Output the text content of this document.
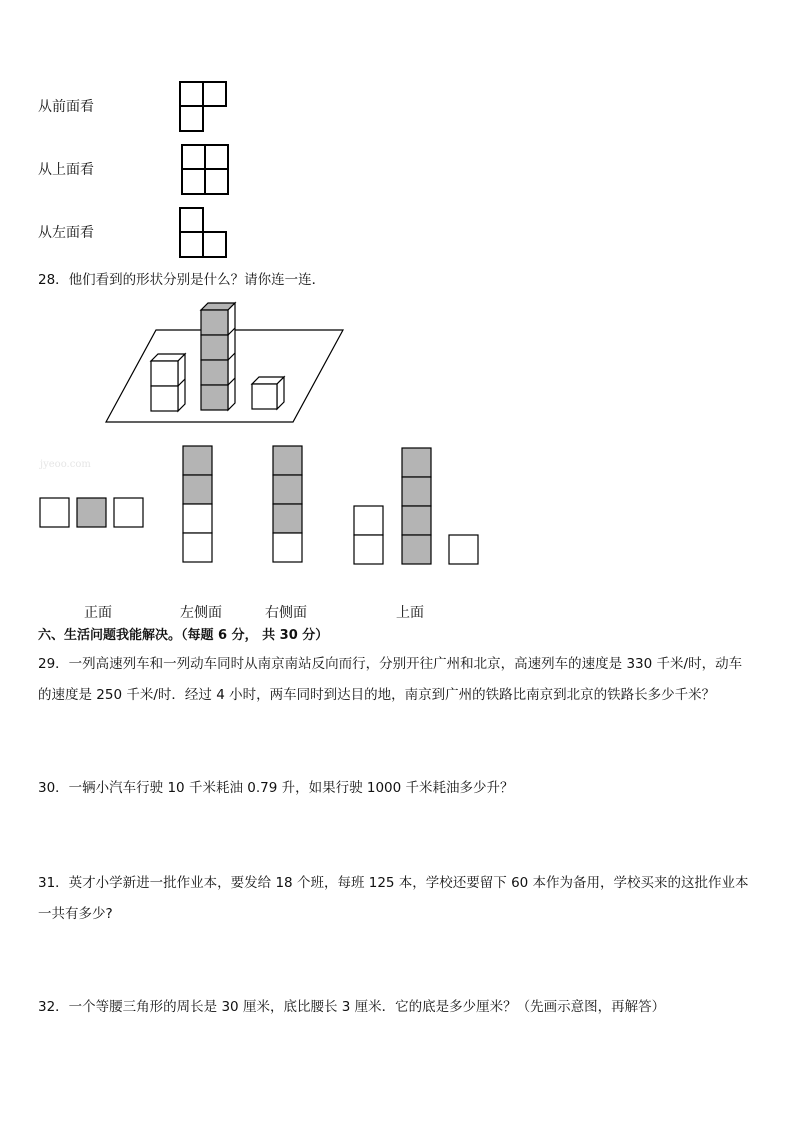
从前面看
从上面看
从左面看
28．他们看到的形状分别是什么？请你连一连．
jyeoo.com
正面	左侧面	右侧面	上面
六、生活问题我能解决。（每题 6 分， 共 30 分）
29．一列高速列车和一列动车同时从南京南站反向而行，分别开往广州和北京，高速列车的速度是 330 千米/时，动车
的速度是 250 千米/时．经过 4 小时，两车同时到达目的地，南京到广州的铁路比南京到北京的铁路长多少千米？
30．一辆小汽车行驶 10 千米耗油 0.79 升，如果行驶 1000 千米耗油多少升？
31．英才小学新进一批作业本，要发给 18 个班，每班 125 本，学校还要留下 60 本作为备用，学校买来的这批作业本
一共有多少?
32．一个等腰三角形的周长是 30 厘米，底比腰长 3 厘米．它的底是多少厘米？（先画示意图，再解答）
